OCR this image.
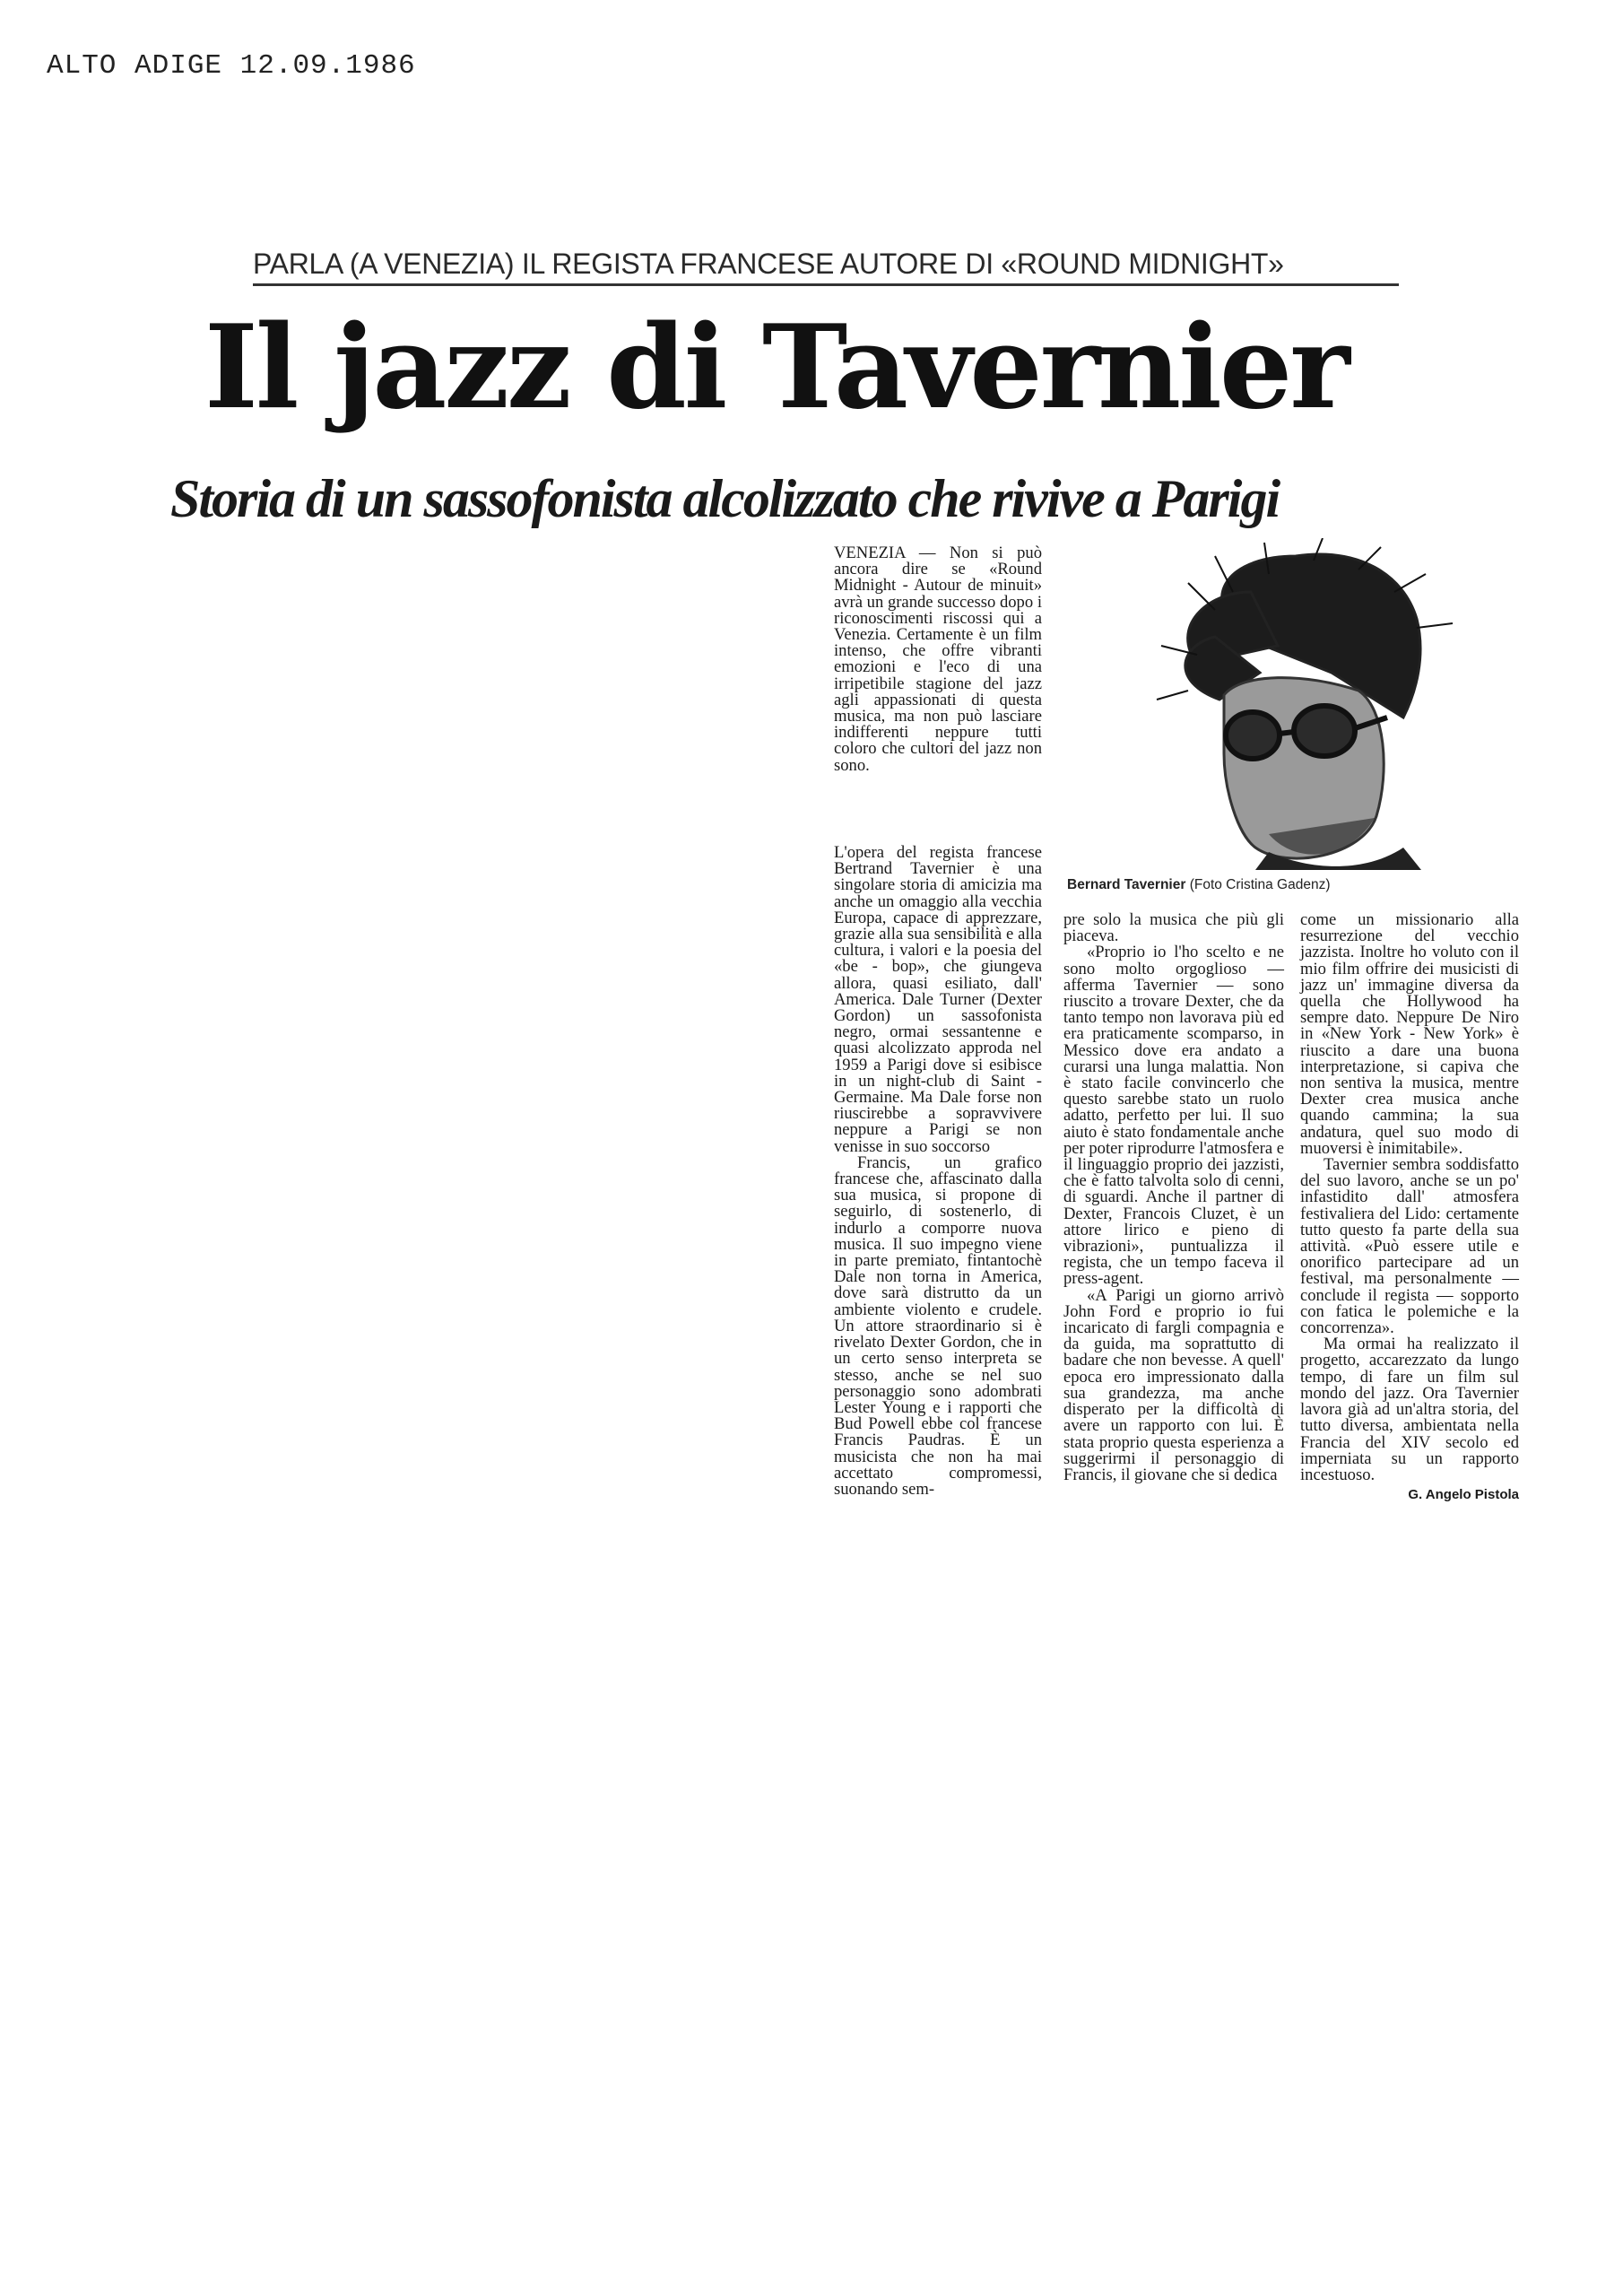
ALTO ADIGE 12.09.1986
PARLA (A VENEZIA) IL REGISTA FRANCESE AUTORE DI «ROUND MIDNIGHT»
Il jazz di Tavernier
Storia di un sassofonista alcolizzato che rivive a Parigi

VENEZIA — Non si può ancora dire se «Round Midnight - Autour de minuit» avrà un grande successo dopo i riconoscimenti riscossi qui a Venezia. Certamente è un film intenso, che offre vibranti emozioni e l'eco di una irripetibile stagione del jazz agli appassionati di questa musica, ma non può lasciare indifferenti neppure tutti coloro che cultori del jazz non sono.

L'opera del regista francese Bertrand Tavernier è una singolare storia di amicizia ma anche un omaggio alla vecchia Europa, capace di apprezzare, grazie alla sua sensibilità e alla cultura, i valori e la poesia del «be - bop», che giungeva allora, quasi esiliato, dall' America. Dale Turner (Dexter Gordon) un sassofonista negro, ormai sessantenne e quasi alcolizzato approda nel 1959 a Parigi dove si esibisce in un night-club di Saint - Germaine. Ma Dale forse non riuscirebbe a sopravvivere neppure a Parigi se non venisse in suo soccorso

Francis, un grafico francese che, affascinato dalla sua musica, si propone di seguirlo, di sostenerlo, di indurlo a comporre nuova musica. Il suo impegno viene in parte premiato, fintantochè Dale non torna in America, dove sarà distrutto da un ambiente violento e crudele. Un attore straordinario si è rivelato Dexter Gordon, che in un certo senso interpreta se stesso, anche se nel suo personaggio sono adombrati Lester Young e i rapporti che Bud Powell ebbe col francese Francis Paudras. È un musicista che non ha mai accettato compromessi, suonando sem-

Bernard Tavernier (Foto Cristina Gadenz)

pre solo la musica che più gli piaceva.

«Proprio io l'ho scelto e ne sono molto orgoglioso — afferma Tavernier — sono riuscito a trovare Dexter, che da tanto tempo non lavorava più ed era praticamente scomparso, in Messico dove era andato a curarsi una lunga malattia. Non è stato facile convincerlo che questo sarebbe stato un ruolo adatto, perfetto per lui. Il suo aiuto è stato fondamentale anche per poter riprodurre l'atmosfera e il linguaggio proprio dei jazzisti, che è fatto talvolta solo di cenni, di sguardi. Anche il partner di Dexter, Francois Cluzet, è un attore lirico e pieno di vibrazioni», puntualizza il regista, che un tempo faceva il press-agent.

«A Parigi un giorno arrivò John Ford e proprio io fui incaricato di fargli compagnia e da guida, ma soprattutto di badare che non bevesse. A quell' epoca ero impressionato dalla sua grandezza, ma anche disperato per la difficoltà di avere un rapporto con lui. È stata proprio questa esperienza a suggerirmi il personaggio di Francis, il giovane che si dedica

come un missionario alla resurrezione del vecchio jazzista. Inoltre ho voluto con il mio film offrire dei musicisti di jazz un' immagine diversa da quella che Hollywood ha sempre dato. Neppure De Niro in «New York - New York» è riuscito a dare una buona interpretazione, si capiva che non sentiva la musica, mentre Dexter crea musica anche quando cammina; la sua andatura, quel suo modo di muoversi è inimitabile».

Tavernier sembra soddisfatto del suo lavoro, anche se un po' infastidito dall' atmosfera festivaliera del Lido: certamente tutto questo fa parte della sua attività. «Può essere utile e onorifico partecipare ad un festival, ma personalmente — conclude il regista — sopporto con fatica le polemiche e la concorrenza».

Ma ormai ha realizzato il progetto, accarezzato da lungo tempo, di fare un film sul mondo del jazz. Ora Tavernier lavora già ad un'altra storia, del tutto diversa, ambientata nella Francia del XIV secolo ed imperniata su un rapporto incestuoso.

G. Angelo Pistola
